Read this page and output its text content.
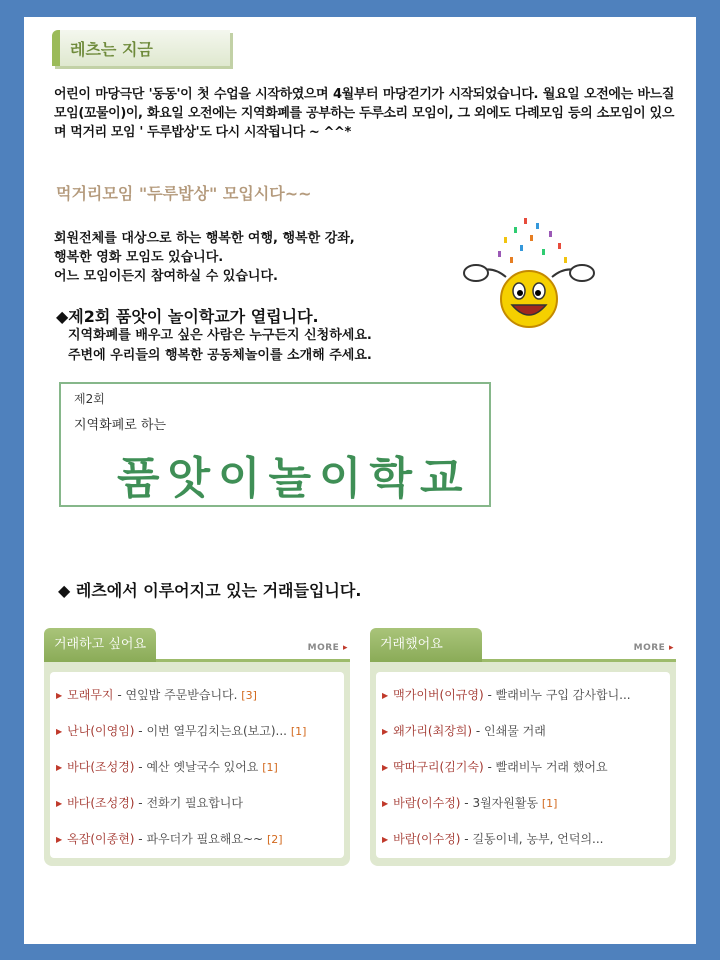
레츠는 지금
어린이 마당극단 '동동'이 첫 수업을 시작하였으며 4월부터 마당걷기가 시작되었습니다. 월요일 오전에는 바느질모임(꼬물이)이, 화요일 오전에는 지역화폐를 공부하는 두루소리 모임이, 그 외에도 다례모임 등의 소모임이 있으며 먹거리 모임 ' 두루밥상'도 다시 시작됩니다 ~ ^^*
먹거리모임 "두루밥상" 모입시다~~
회원전체를 대상으로 하는 행복한 여행, 행복한 강좌,
행복한 영화 모임도 있습니다.
어느 모임이든지 참여하실 수 있습니다.
◆제2회 품앗이 놀이학교가 열립니다.
지역화폐를 배우고 싶은 사람은 누구든지 신청하세요.
주변에 우리들의 행복한 공동체놀이를 소개해 주세요.
제2회
지역화폐로 하는
품앗이놀이학교
◆ 레츠에서 이루어지고 있는 거래들입니다.
거래하고 싶어요	MORE ▸
▶ 모래무지 - 연잎밥 주문받습니다. [3]
▶ 난나(이영임) - 이번 열무김치는요(보고)... [1]
▶ 바다(조성경) - 예산 옛날국수 있어요 [1]
▶ 바다(조성경) - 전화기 필요합니다
▶ 옥잠(이종현) - 파우더가 필요해요~~ [2]
거래했어요	MORE ▸
▶ 맥가이버(이규영) - 빨래비누 구입 감사합니...
▶ 왜가리(최장희) - 인쇄물 거래
▶ 딱따구리(김기숙) - 빨래비누 거래 했어요
▶ 바람(이수정) - 3월자원활동 [1]
▶ 바람(이수정) - 길동이네, 농부, 언덕의...
